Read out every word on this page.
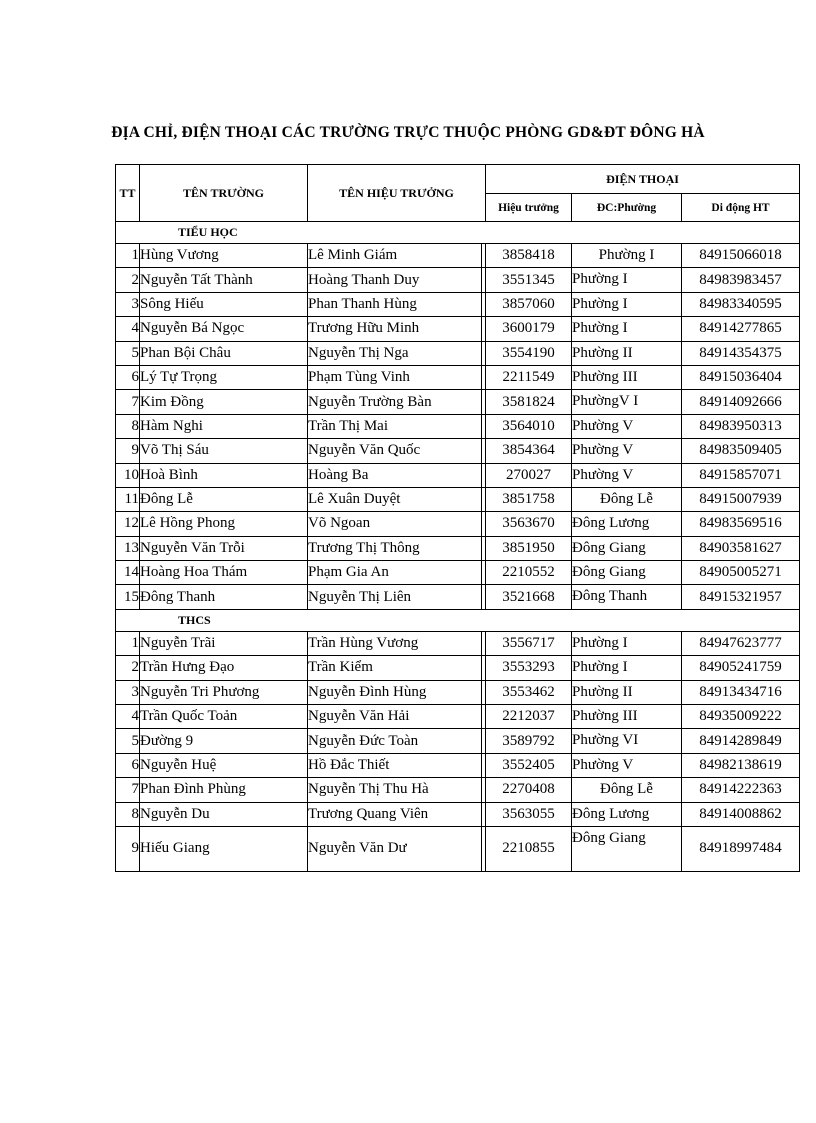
ĐỊA CHỈ, ĐIỆN THOẠI CÁC TRƯỜNG TRỰC THUỘC PHÒNG GD&ĐT ĐÔNG HÀ
TT	TÊN TRƯỜNG	TÊN HIỆU TRƯỞNG		ĐIỆN THOẠI		
				Hiệu trưởng	ĐC:Phường	Di động HT
TIỂU HỌC						
1	Hùng Vương	Lê Minh Giám		3858418	Phường I	84915066018
2	Nguyễn Tất Thành	Hoàng Thanh Duy		3551345	Phường I	84983983457
3	Sông Hiếu	Phan Thanh Hùng		3857060	Phường I	84983340595
4	Nguyễn Bá Ngọc	Trương Hữu Minh		3600179	Phường I	84914277865
5	Phan Bội Châu	Nguyễn Thị Nga		3554190	Phường II	84914354375
6	Lý Tự Trọng	Phạm Tùng Vinh		2211549	Phường III	84915036404
7	Kim Đồng	Nguyễn Trường Bàn		3581824	PhườngV I	84914092666
8	Hàm Nghi	Trần Thị Mai		3564010	Phường V	84983950313
9	Võ Thị Sáu	Nguyễn Văn Quốc		3854364	Phường V	84983509405
10	Hoà Bình	Hoàng Ba		270027	Phường V	84915857071
11	Đông Lễ	Lê Xuân Duyệt		3851758	Đông Lễ	84915007939
12	Lê Hồng Phong	Võ Ngoan		3563670	Đông Lương	84983569516
13	Nguyễn Văn Trỗi	Trương Thị Thông		3851950	Đông Giang	84903581627
14	Hoàng Hoa Thám	Phạm Gia An		2210552	Đông Giang	84905005271
15	Đông Thanh	Nguyễn Thị Liên		3521668	Đông Thanh	84915321957
THCS						
1	Nguyễn Trãi	Trần Hùng Vương		3556717	Phường I	84947623777
2	Trần Hưng Đạo	Trần Kiểm		3553293	Phường I	84905241759
3	Nguyễn Tri Phương	Nguyễn Đình Hùng		3553462	Phường II	84913434716
4	Trần Quốc Toản	Nguyễn Văn Hải		2212037	Phường III	84935009222
5	Đường 9	Nguyễn Đức Toàn		3589792	Phường VI	84914289849
6	Nguyễn Huệ	Hồ Đắc Thiết		3552405	Phường V	84982138619
7	Phan Đình Phùng	Nguyễn Thị Thu Hà		2270408	Đông Lễ	84914222363
8	Nguyễn Du	Trương Quang Viên		3563055	Đông Lương	84914008862
9	Hiếu Giang	Nguyễn Văn Dư		2210855	Đông Giang	84918997484
